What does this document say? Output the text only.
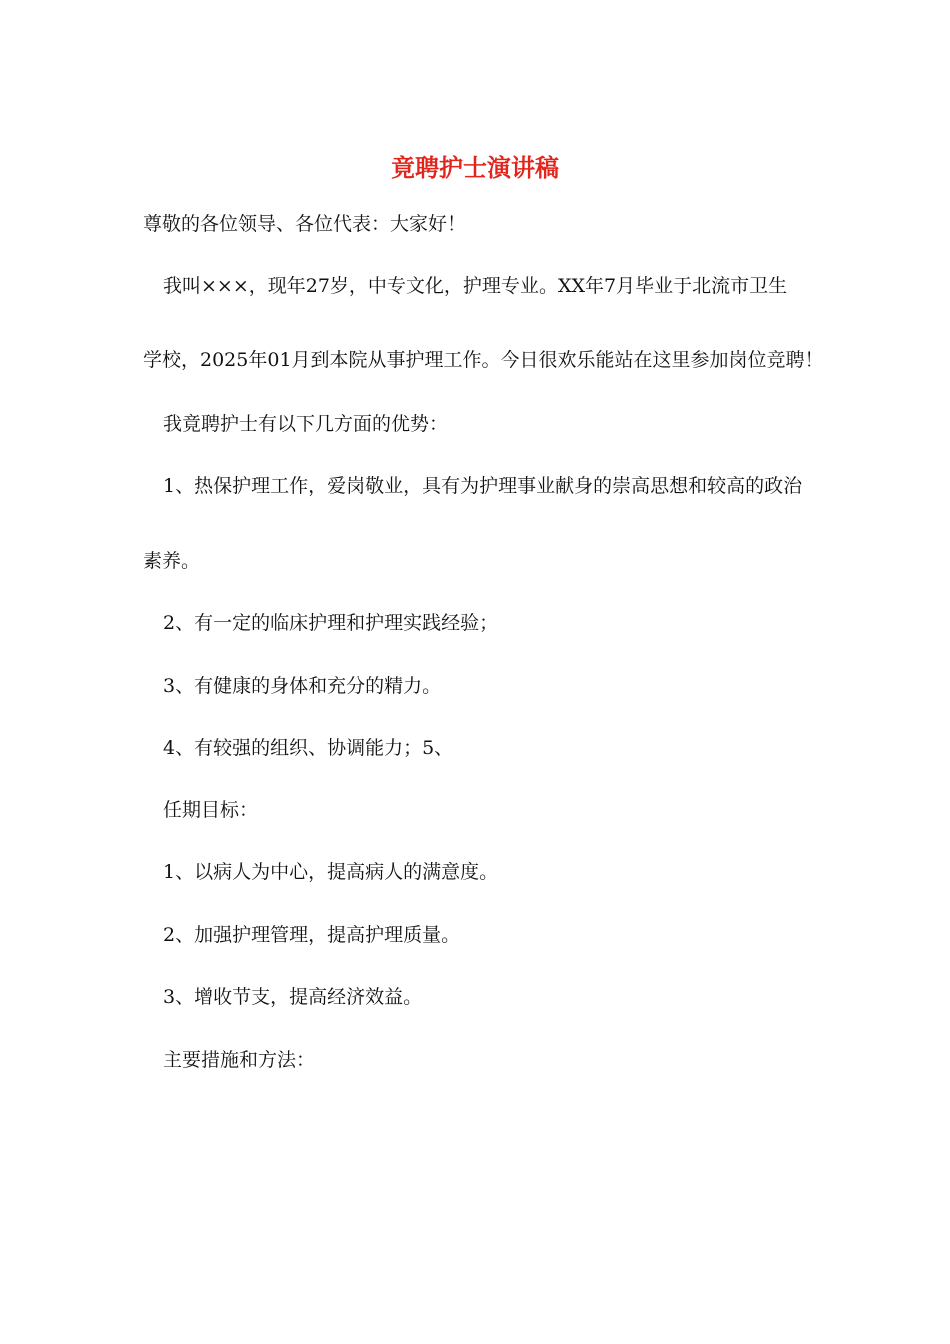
竟聘护士演讲稿
尊敬的各位领导、各位代表：大家好！
我叫×××，现年27岁，中专文化，护理专业。XX年7月毕业于北流市卫生
学校，2025年01月到本院从事护理工作。今日很欢乐能站在这里参加岗位竞聘！
我竟聘护士有以下几方面的优势：
1、热保护理工作，爱岗敬业，具有为护理事业献身的崇高思想和较高的政治
素养。
2、有一定的临床护理和护理实践经验；
3、有健康的身体和充分的精力。
4、有较强的组织、协调能力；5、
任期目标：
1、以病人为中心，提高病人的满意度。
2、加强护理管理，提高护理质量。
3、增收节支，提高经济效益。
主要措施和方法：
